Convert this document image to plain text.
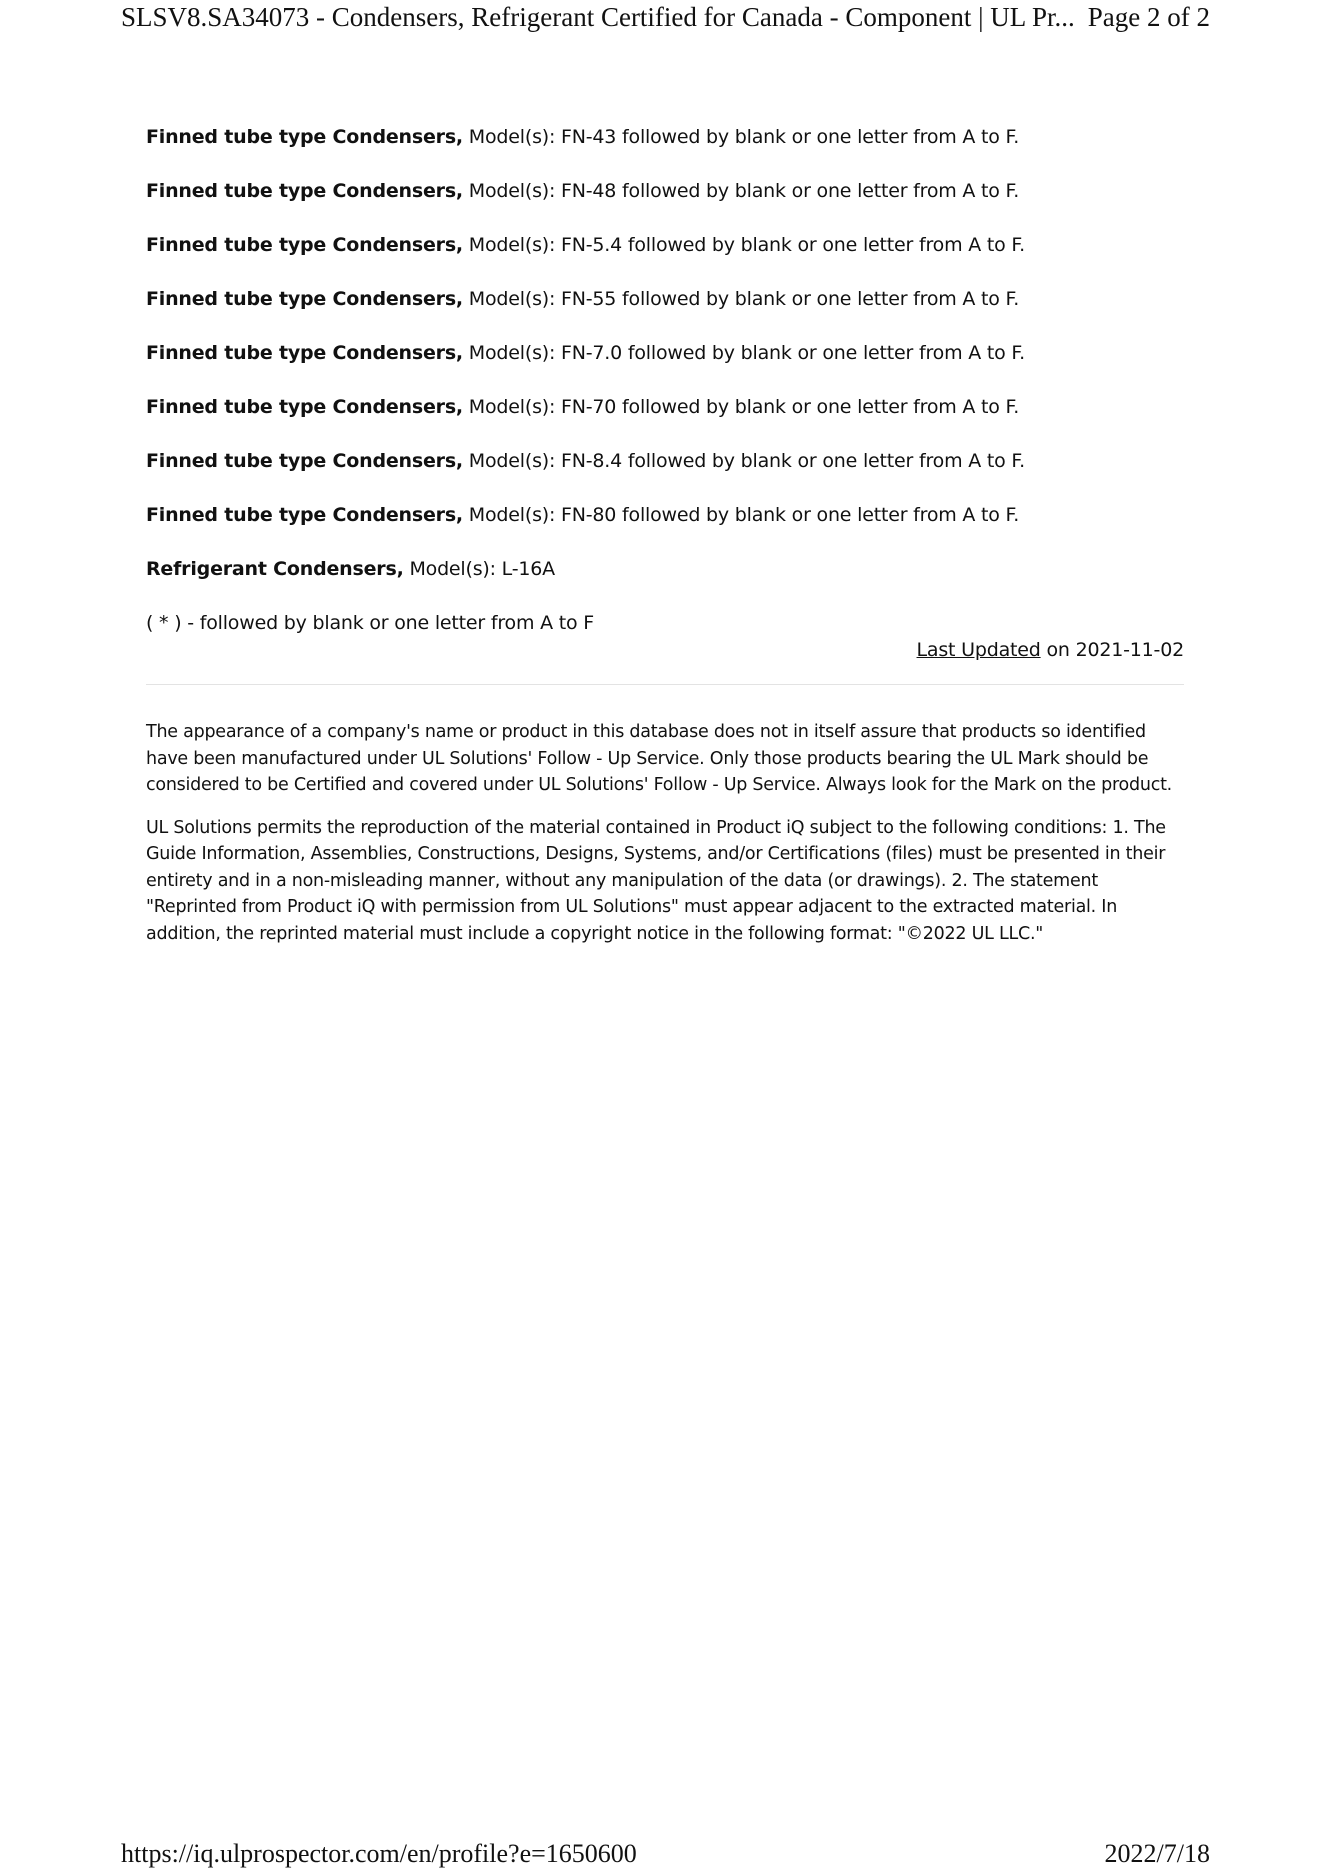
SLSV8.SA34073 - Condensers, Refrigerant Certified for Canada - Component | UL Pr... Page 2 of 2
Finned tube type Condensers, Model(s): FN-43 followed by blank or one letter from A to F.
Finned tube type Condensers, Model(s): FN-48 followed by blank or one letter from A to F.
Finned tube type Condensers, Model(s): FN-5.4 followed by blank or one letter from A to F.
Finned tube type Condensers, Model(s): FN-55 followed by blank or one letter from A to F.
Finned tube type Condensers, Model(s): FN-7.0 followed by blank or one letter from A to F.
Finned tube type Condensers, Model(s): FN-70 followed by blank or one letter from A to F.
Finned tube type Condensers, Model(s): FN-8.4 followed by blank or one letter from A to F.
Finned tube type Condensers, Model(s): FN-80 followed by blank or one letter from A to F.
Refrigerant Condensers, Model(s): L-16A
( * ) - followed by blank or one letter from A to F
Last Updated on 2021-11-02

The appearance of a company's name or product in this database does not in itself assure that products so identified have been manufactured under UL Solutions' Follow - Up Service. Only those products bearing the UL Mark should be considered to be Certified and covered under UL Solutions' Follow - Up Service. Always look for the Mark on the product.

UL Solutions permits the reproduction of the material contained in Product iQ subject to the following conditions: 1. The Guide Information, Assemblies, Constructions, Designs, Systems, and/or Certifications (files) must be presented in their entirety and in a non-misleading manner, without any manipulation of the data (or drawings). 2. The statement "Reprinted from Product iQ with permission from UL Solutions" must appear adjacent to the extracted material. In addition, the reprinted material must include a copyright notice in the following format: "©2022 UL LLC."

https://iq.ulprospector.com/en/profile?e=1650600	2022/7/18
